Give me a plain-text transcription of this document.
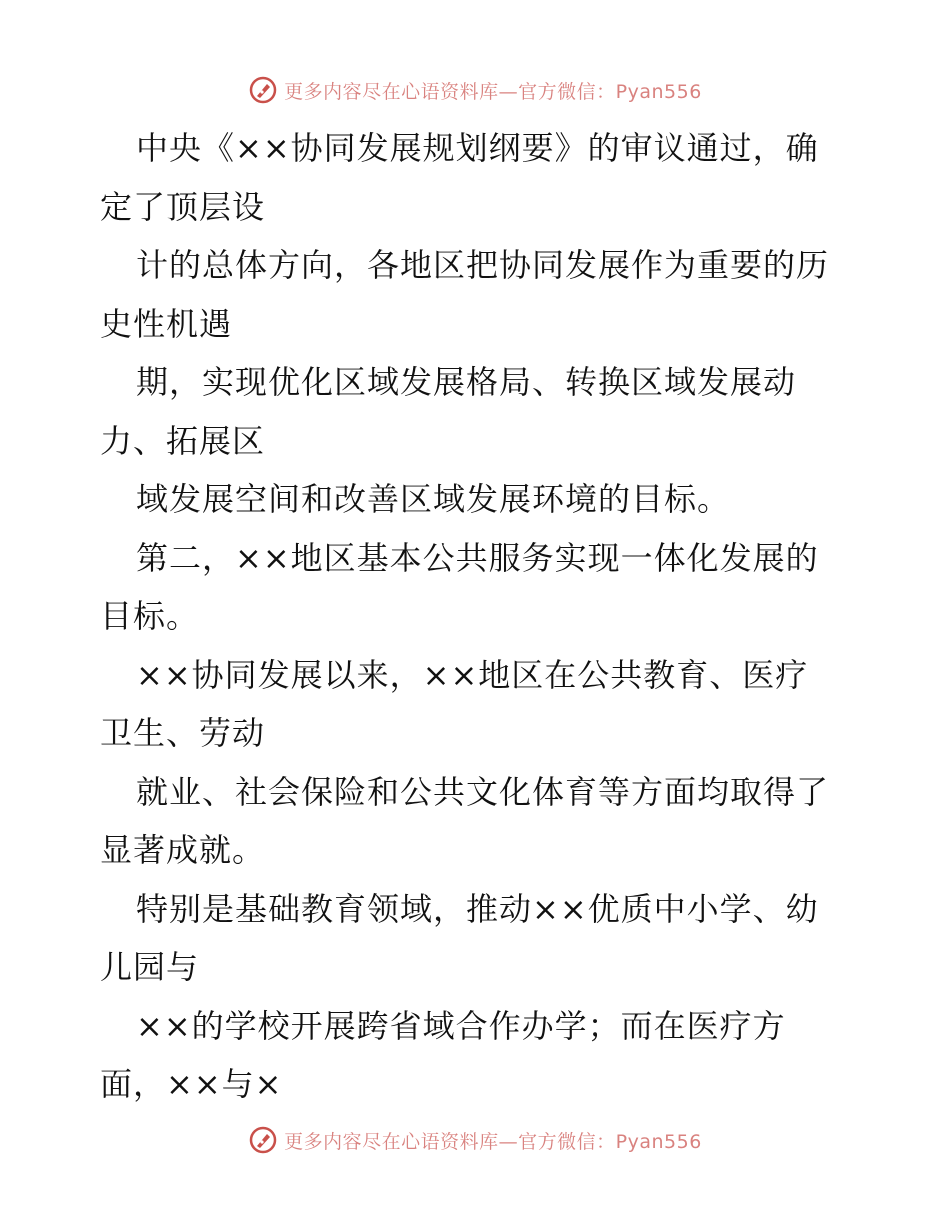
更多内容尽在心语资料库—官方微信：Pyan556
中央《××协同发展规划纲要》的审议通过，确
定了顶层设
计的总体方向，各地区把协同发展作为重要的历
史性机遇
期，实现优化区域发展格局、转换区域发展动
力、拓展区
域发展空间和改善区域发展环境的目标。
第二，××地区基本公共服务实现一体化发展的
目标。
××协同发展以来，××地区在公共教育、医疗
卫生、劳动
就业、社会保险和公共文化体育等方面均取得了
显著成就。
特别是基础教育领域，推动××优质中小学、幼
儿园与
××的学校开展跨省域合作办学；而在医疗方
面，××与×
更多内容尽在心语资料库—官方微信：Pyan556
